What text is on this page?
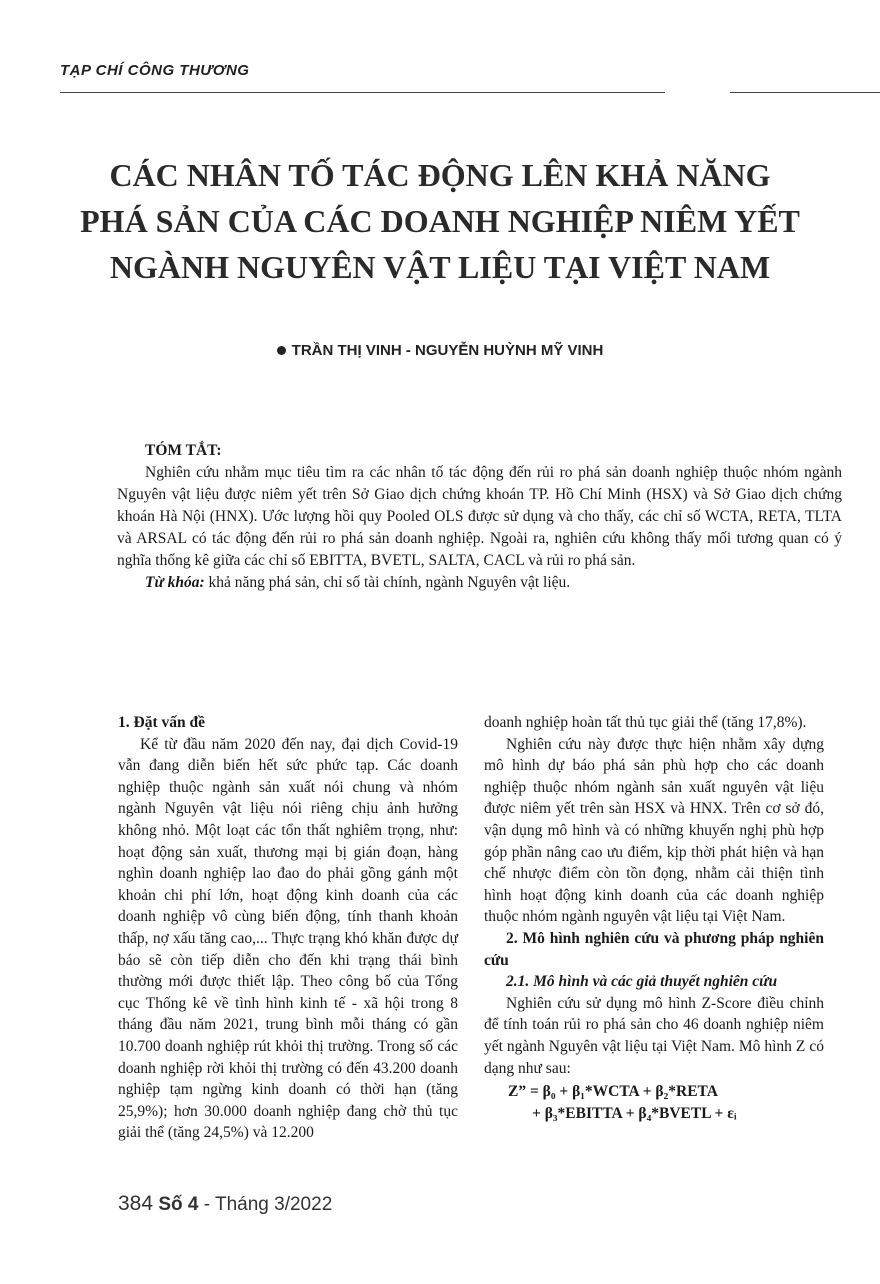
TẠP CHÍ CÔNG THƯƠNG
CÁC NHÂN TỐ TÁC ĐỘNG LÊN KHẢ NĂNG
PHÁ SẢN CỦA CÁC DOANH NGHIỆP NIÊM YẾT
NGÀNH NGUYÊN VẬT LIỆU TẠI VIỆT NAM
TRẦN THỊ VINH - NGUYỄN HUỲNH MỸ VINH
TÓM TẮT:

Nghiên cứu nhằm mục tiêu tìm ra các nhân tố tác động đến rủi ro phá sản doanh nghiệp thuộc nhóm ngành Nguyên vật liệu được niêm yết trên Sở Giao dịch chứng khoán TP. Hồ Chí Minh (HSX) và Sở Giao dịch chứng khoán Hà Nội (HNX). Ước lượng hồi quy Pooled OLS được sử dụng và cho thấy, các chỉ số WCTA, RETA, TLTA và ARSAL có tác động đến rủi ro phá sản doanh nghiệp. Ngoài ra, nghiên cứu không thấy mối tương quan có ý nghĩa thống kê giữa các chỉ số EBITTA, BVETL, SALTA, CACL và rủi ro phá sản.

Từ khóa: khả năng phá sản, chỉ số tài chính, ngành Nguyên vật liệu.
1. Đặt vấn đề

Kể từ đầu năm 2020 đến nay, đại dịch Covid-19 vẫn đang diễn biến hết sức phức tạp. Các doanh nghiệp thuộc ngành sản xuất nói chung và nhóm ngành Nguyên vật liệu nói riêng chịu ảnh hưởng không nhỏ. Một loạt các tổn thất nghiêm trọng, như: hoạt động sản xuất, thương mại bị gián đoạn, hàng nghìn doanh nghiệp lao đao do phải gồng gánh một khoản chi phí lớn, hoạt động kinh doanh của các doanh nghiệp vô cùng biến động, tính thanh khoản thấp, nợ xấu tăng cao,... Thực trạng khó khăn được dự báo sẽ còn tiếp diễn cho đến khi trạng thái bình thường mới được thiết lập. Theo công bố của Tổng cục Thống kê về tình hình kinh tế - xã hội trong 8 tháng đầu năm 2021, trung bình mỗi tháng có gần 10.700 doanh nghiệp rút khỏi thị trường. Trong số các doanh nghiệp rời khỏi thị trường có đến 43.200 doanh nghiệp tạm ngừng kinh doanh có thời hạn (tăng 25,9%); hơn 30.000 doanh nghiệp đang chờ thủ tục giải thể (tăng 24,5%) và 12.200

doanh nghiệp hoàn tất thủ tục giải thể (tăng 17,8%).

Nghiên cứu này được thực hiện nhằm xây dựng mô hình dự báo phá sản phù hợp cho các doanh nghiệp thuộc nhóm ngành sản xuất nguyên vật liệu được niêm yết trên sàn HSX và HNX. Trên cơ sở đó, vận dụng mô hình và có những khuyến nghị phù hợp góp phần nâng cao ưu điểm, kịp thời phát hiện và hạn chế nhược điểm còn tồn đọng, nhằm cải thiện tình hình hoạt động kinh doanh của các doanh nghiệp thuộc nhóm ngành nguyên vật liệu tại Việt Nam.

2. Mô hình nghiên cứu và phương pháp nghiên cứu
2.1. Mô hình và các giả thuyết nghiên cứu

Nghiên cứu sử dụng mô hình Z-Score điều chỉnh để tính toán rủi ro phá sản cho 46 doanh nghiệp niêm yết ngành Nguyên vật liệu tại Việt Nam. Mô hình Z có dạng như sau:

Z” = β₀ + β₁*WCTA + β₂*RETA
+ β₃*EBITTA + β₄*BVETL + εᵢ
384 Số 4 - Tháng 3/2022
